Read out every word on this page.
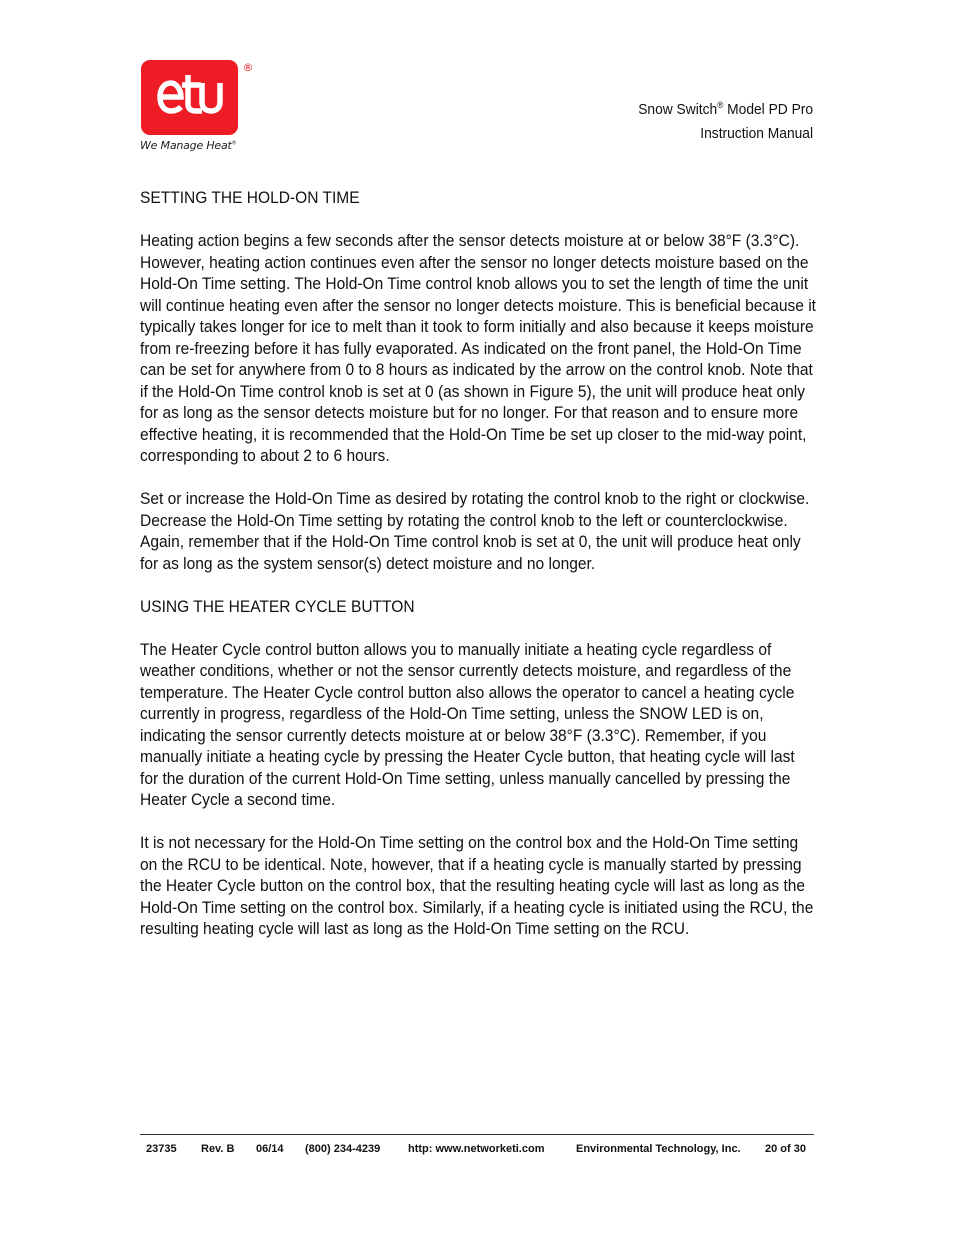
®
We Manage Heat®
Snow Switch® Model PD Pro
Instruction Manual
SETTING THE HOLD-ON TIME

Heating action begins a few seconds after the sensor detects moisture at or below 38°F (3.3°C). However, heating action continues even after the sensor no longer detects moisture based on the Hold-On Time setting. The Hold-On Time control knob allows you to set the length of time the unit will continue heating even after the sensor no longer detects moisture. This is beneficial because it typically takes longer for ice to melt than it took to form initially and also because it keeps moisture from re-freezing before it has fully evaporated. As indicated on the front panel, the Hold-On Time can be set for anywhere from 0 to 8 hours as indicated by the arrow on the control knob. Note that if the Hold-On Time control knob is set at 0 (as shown in Figure 5), the unit will produce heat only for as long as the sensor detects moisture but for no longer. For that reason and to ensure more effective heating, it is recommended that the Hold-On Time be set up closer to the mid-way point, corresponding to about 2 to 6 hours.

Set or increase the Hold-On Time as desired by rotating the control knob to the right or clockwise. Decrease the Hold-On Time setting by rotating the control knob to the left or counterclockwise. Again, remember that if the Hold-On Time control knob is set at 0, the unit will produce heat only for as long as the system sensor(s) detect moisture and no longer.

USING THE HEATER CYCLE BUTTON

The Heater Cycle control button allows you to manually initiate a heating cycle regardless of weather conditions, whether or not the sensor currently detects moisture, and regardless of the temperature. The Heater Cycle control button also allows the operator to cancel a heating cycle currently in progress, regardless of the Hold-On Time setting, unless the SNOW LED is on, indicating the sensor currently detects moisture at or below 38°F (3.3°C). Remember, if you manually initiate a heating cycle by pressing the Heater Cycle button, that heating cycle will last for the duration of the current Hold-On Time setting, unless manually cancelled by pressing the Heater Cycle a second time.

It is not necessary for the Hold-On Time setting on the control box and the Hold-On Time setting on the RCU to be identical. Note, however, that if a heating cycle is manually started by pressing the Heater Cycle button on the control box, that the resulting heating cycle will last as long as the Hold-On Time setting on the control box. Similarly, if a heating cycle is initiated using the RCU, the resulting heating cycle will last as long as the Hold-On Time setting on the RCU.

23735 Rev. B 06/14 (800) 234-4239	http: www.networketi.com	Environmental Technology, Inc. 20 of 30
